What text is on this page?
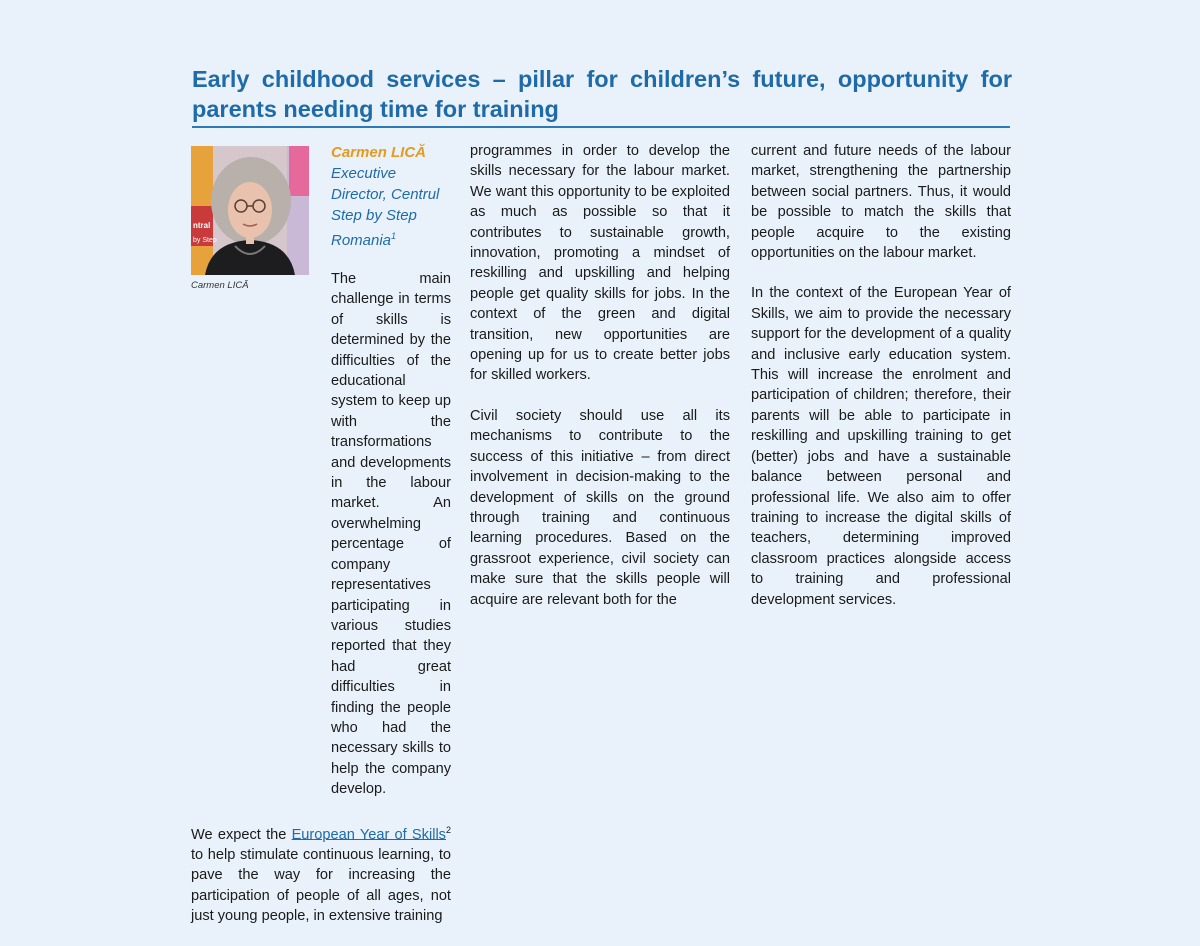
Early childhood services – pillar for children’s future, opportunity for parents needing time for training
ntral
by Step
Carmen LICĂ
Carmen LICĂ
Executive Director, Centrul Step by Step Romania$^1$

The main challenge in terms of skills is determined by the difficulties of the educational system to keep up with the transformations and developments in the labour market. An overwhelming percentage of company representatives participating in various studies reported that they had great difficulties in finding the people who had the necessary skills to help the company develop.

We expect the European Year of Skills$^2$ to help stimulate continuous learning, to pave the way for increasing the participation of people of all ages, not just young people, in extensive training

programmes in order to develop the skills necessary for the labour market. We want this opportunity to be exploited as much as possible so that it contributes to sustainable growth, innovation, promoting a mindset of reskilling and upskilling and helping people get quality skills for jobs. In the context of the green and digital transition, new opportunities are opening up for us to create better jobs for skilled workers.

Civil society should use all its mechanisms to contribute to the success of this initiative – from direct involvement in decision-making to the development of skills on the ground through training and continuous learning procedures. Based on the grassroot experience, civil society can make sure that the skills people will acquire are relevant both for the

current and future needs of the labour market, strengthening the partnership between social partners. Thus, it would be possible to match the skills that people acquire to the existing opportunities on the labour market.

In the context of the European Year of Skills, we aim to provide the necessary support for the development of a quality and inclusive early education system. This will increase the enrolment and participation of children; therefore, their parents will be able to participate in reskilling and upskilling training to get (better) jobs and have a sustainable balance between personal and professional life. We also aim to offer training to increase the digital skills of teachers, determining improved classroom practices alongside access to training and professional development services.
